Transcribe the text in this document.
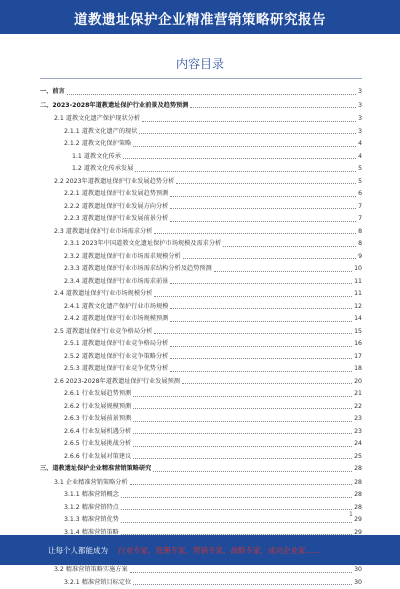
道教遗址保护企业精准营销策略研究报告
内容目录
一、前言	3
二、2023-2028年道教遗址保护行业前景及趋势预测	3
2.1 道教文化遗产保护现状分析	3
2.1.1 道教文化遗产的现状	3
2.1.2 道教文化保护策略	4
1.1 道教文化传承	4
1.2 道教文化传承发展	5
2.2 2023年道教遗址保护行业发展趋势分析	5
2.2.1 道教遗址保护行业发展趋势预测	6
2.2.2 道教遗址保护行业发展方向分析	7
2.2.3 道教遗址保护行业发展前景分析	7
2.3 道教遗址保护行业市场需求分析	8
2.3.1 2023年中国道教文化遗址保护市场规模及需求分析	8
2.3.2 道教遗址保护行业市场需求规模分析	9
2.3.3 道教遗址保护行业市场需求结构分析及趋势预测	10
2.3.4 道教遗址保护行业市场需求前景	11
2.4 道教遗址保护行业市场规模分析	11
2.4.1 道教文化遗产保护行业市场规模	12
2.4.2 道教遗址保护行业市场规模预测	14
2.5 道教遗址保护行业竞争格局分析	15
2.5.1 道教遗址保护行业竞争格局分析	16
2.5.2 道教遗址保护行业竞争策略分析	17
2.5.3 道教遗址保护行业竞争优势分析	18
2.6 2023-2028年道教遗址保护行业发展预测	20
2.6.1 行业发展趋势预测	21
2.6.2 行业发展规模预测	22
2.6.3 行业发展前景预测	23
2.6.4 行业发展机遇分析	23
2.6.5 行业发展挑战分析	24
2.6.6 行业发展对策建议	25
三、道教遗址保护企业精准营销策略研究	28
3.1 企业精准营销策略分析	28
3.1.1 精准营销概念	28
3.1.2 精准营销特点	28
3.1.3 精准营销优势	29
3.1.4 精准营销策略	29
3.2 精准营销策略实施方案	30
3.2.1 精准营销目标定位	30
1
让每个人都能成为 行业专家，管理专家，营销专家，战略专家，成功企业家……
